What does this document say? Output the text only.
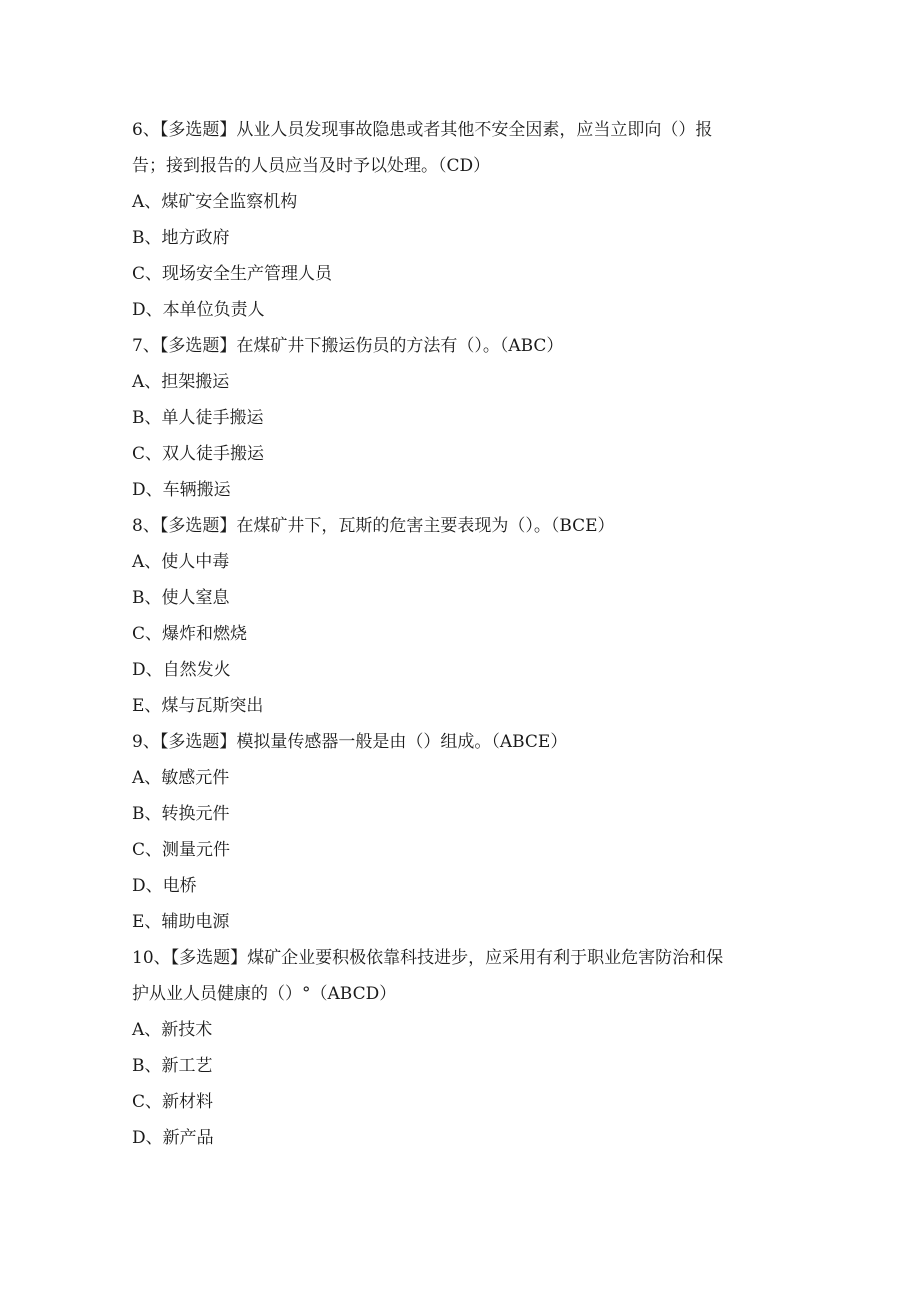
6、【多选题】从业人员发现事故隐患或者其他不安全因素，应当立即向（）报
告；接到报告的人员应当及时予以处理。（CD）
A、煤矿安全监察机构
B、地方政府
C、现场安全生产管理人员
D、本单位负责人
7、【多选题】在煤矿井下搬运伤员的方法有（）。（ABC）
A、担架搬运
B、单人徒手搬运
C、双人徒手搬运
D、车辆搬运
8、【多选题】在煤矿井下，瓦斯的危害主要表现为（）。（BCE）
A、使人中毒
B、使人窒息
C、爆炸和燃烧
D、自然发火
E、煤与瓦斯突出
9、【多选题】模拟量传感器一般是由（）组成。（ABCE）
A、敏感元件
B、转换元件
C、测量元件
D、电桥
E、辅助电源
10、【多选题】煤矿企业要积极依靠科技进步，应采用有利于职业危害防治和保
护从业人员健康的（）°（ABCD）
A、新技术
B、新工艺
C、新材料
D、新产品
